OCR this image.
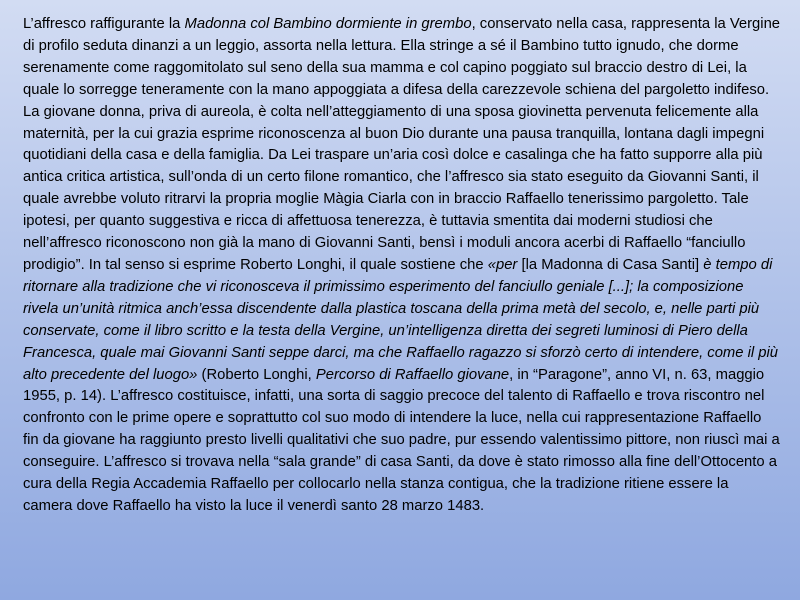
L’affresco raffigurante la Madonna col Bambino dormiente in grembo, conservato nella casa, rappresenta la Vergine di profilo seduta dinanzi a un leggio, assorta nella lettura. Ella stringe a sé il Bambino tutto ignudo, che dorme serenamente come raggomitolato sul seno della sua mamma e col capino poggiato sul braccio destro di Lei, la quale lo sorregge teneramente con la mano appoggiata a difesa della carezzevole schiena del pargoletto indifeso. La giovane donna, priva di aureola, è colta nell’atteggiamento di una sposa giovinetta pervenuta felicemente alla maternità, per la cui grazia esprime riconoscenza al buon Dio durante una pausa tranquilla, lontana dagli impegni quotidiani della casa e della famiglia. Da Lei traspare un’aria così dolce e casalinga che ha fatto supporre alla più antica critica artistica, sull’onda di un certo filone romantico, che l’affresco sia stato eseguito da Giovanni Santi, il quale avrebbe voluto ritrarvi la propria moglie Màgia Ciarla con in braccio Raffaello tenerissimo pargoletto. Tale ipotesi, per quanto suggestiva e ricca di affettuosa tenerezza, è tuttavia smentita dai moderni studiosi che nell’affresco riconoscono non già la mano di Giovanni Santi, bensì i moduli ancora acerbi di Raffaello “fanciullo prodigio”. In tal senso si esprime Roberto Longhi, il quale sostiene che «per [la Madonna di Casa Santi] è tempo di ritornare alla tradizione che vi riconosceva il primissimo esperimento del fanciullo geniale [...]; la composizione rivela un’unità ritmica anch’essa discendente dalla plastica toscana della prima metà del secolo, e, nelle parti più conservate, come il libro scritto e la testa della Vergine, un’intelligenza diretta dei segreti luminosi di Piero della Francesca, quale mai Giovanni Santi seppe darci, ma che Raffaello ragazzo si sforzò certo di intendere, come il più alto precedente del luogo» (Roberto Longhi, Percorso di Raffaello giovane, in “Paragone”, anno VI, n. 63, maggio 1955, p. 14). L’affresco costituisce, infatti, una sorta di saggio precoce del talento di Raffaello e trova riscontro nel confronto con le prime opere e soprattutto col suo modo di intendere la luce, nella cui rappresentazione Raffaello fin da giovane ha raggiunto presto livelli qualitativi che suo padre, pur essendo valentissimo pittore, non riuscì mai a conseguire. L’affresco si trovava nella “sala grande” di casa Santi, da dove è stato rimosso alla fine dell’Ottocento a cura della Regia Accademia Raffaello per collocarlo nella stanza contigua, che la tradizione ritiene essere la camera dove Raffaello ha visto la luce il venerdì santo 28 marzo 1483.
